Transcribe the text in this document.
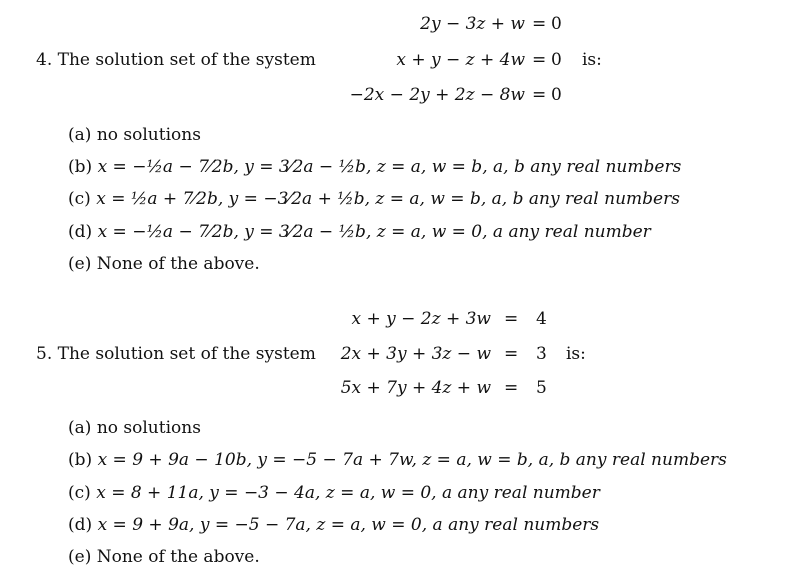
2y − 3z + w = 0
4. The solution set of the system	x + y − z + 4w = 0 is:
−2x − 2y + 2z − 8w = 0
(a) no solutions
(b) x = −½a − 7⁄2b, y = 3⁄2a − ½b, z = a, w = b, a, b any real numbers
(c) x = ½a + 7⁄2b, y = −3⁄2a + ½b, z = a, w = b, a, b any real numbers
(d) x = −½a − 7⁄2b, y = 3⁄2a − ½b, z = a, w = 0, a any real number
(e) None of the above.
x + y − 2z + 3w = 4
5. The solution set of the system 2x + 3y + 3z − w = 3 is:
5x + 7y + 4z + w = 5
(a) no solutions
(b) x = 9 + 9a − 10b, y = −5 − 7a + 7w, z = a, w = b, a, b any real numbers
(c) x = 8 + 11a, y = −3 − 4a, z = a, w = 0, a any real number
(d) x = 9 + 9a, y = −5 − 7a, z = a, w = 0, a any real numbers
(e) None of the above.
